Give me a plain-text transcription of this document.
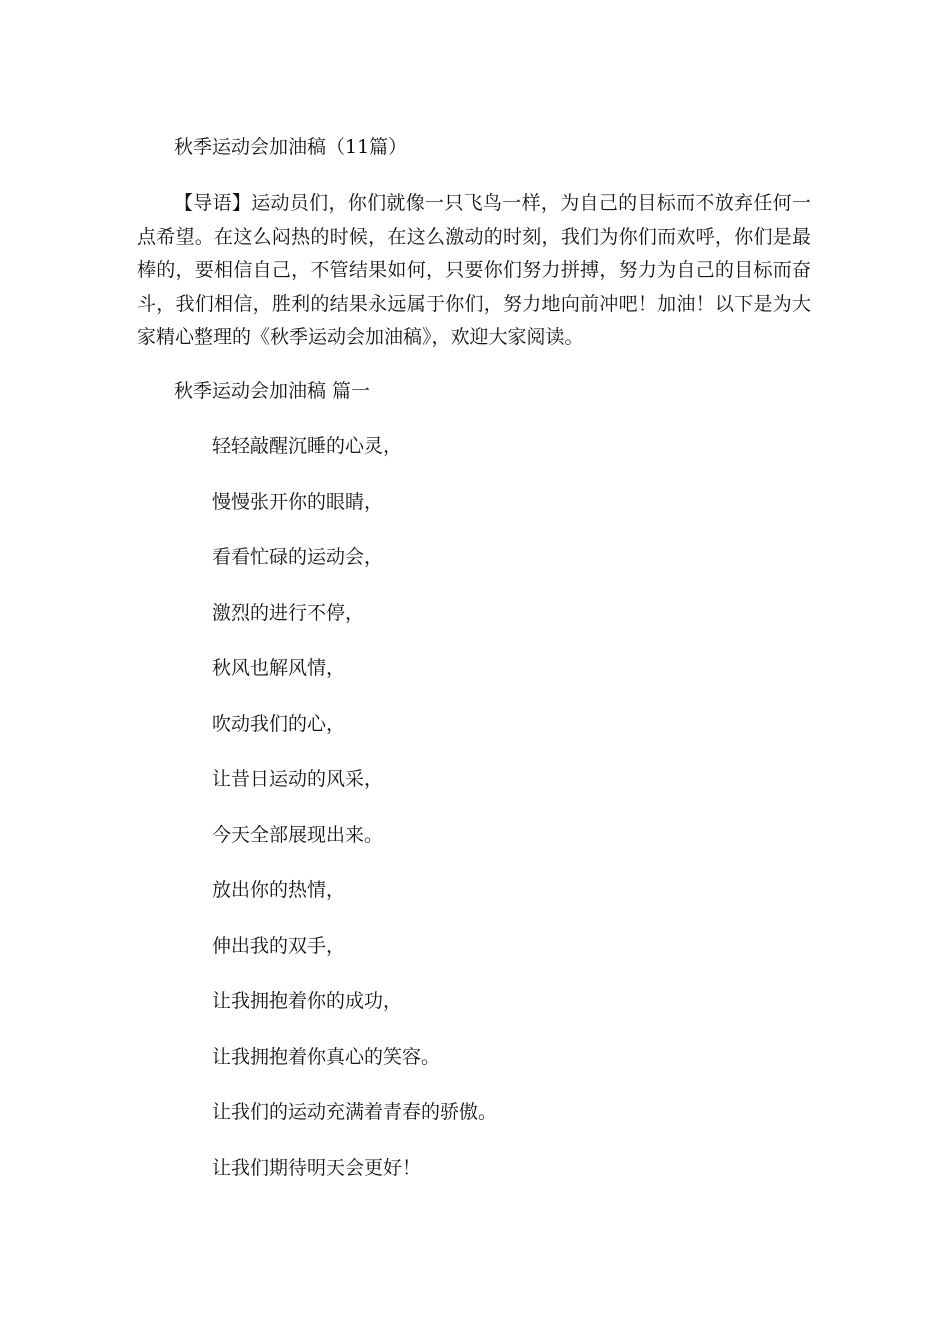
秋季运动会加油稿（11篇）

【导语】运动员们，你们就像一只飞鸟一样，为自己的目标而不放弃任何一点希望。在这么闷热的时候，在这么激动的时刻，我们为你们而欢呼，你们是最棒的，要相信自己，不管结果如何，只要你们努力拼搏，努力为自己的目标而奋斗，我们相信，胜利的结果永远属于你们，努力地向前冲吧！加油！以下是为大家精心整理的《秋季运动会加油稿》，欢迎大家阅读。

秋季运动会加油稿 篇一
轻轻敲醒沉睡的心灵，
慢慢张开你的眼睛，
看看忙碌的运动会，
激烈的进行不停，
秋风也解风情，
吹动我们的心，
让昔日运动的风采，
今天全部展现出来。
放出你的热情，
伸出我的双手，
让我拥抱着你的成功，
让我拥抱着你真心的笑容。
让我们的运动充满着青春的骄傲。
让我们期待明天会更好！
